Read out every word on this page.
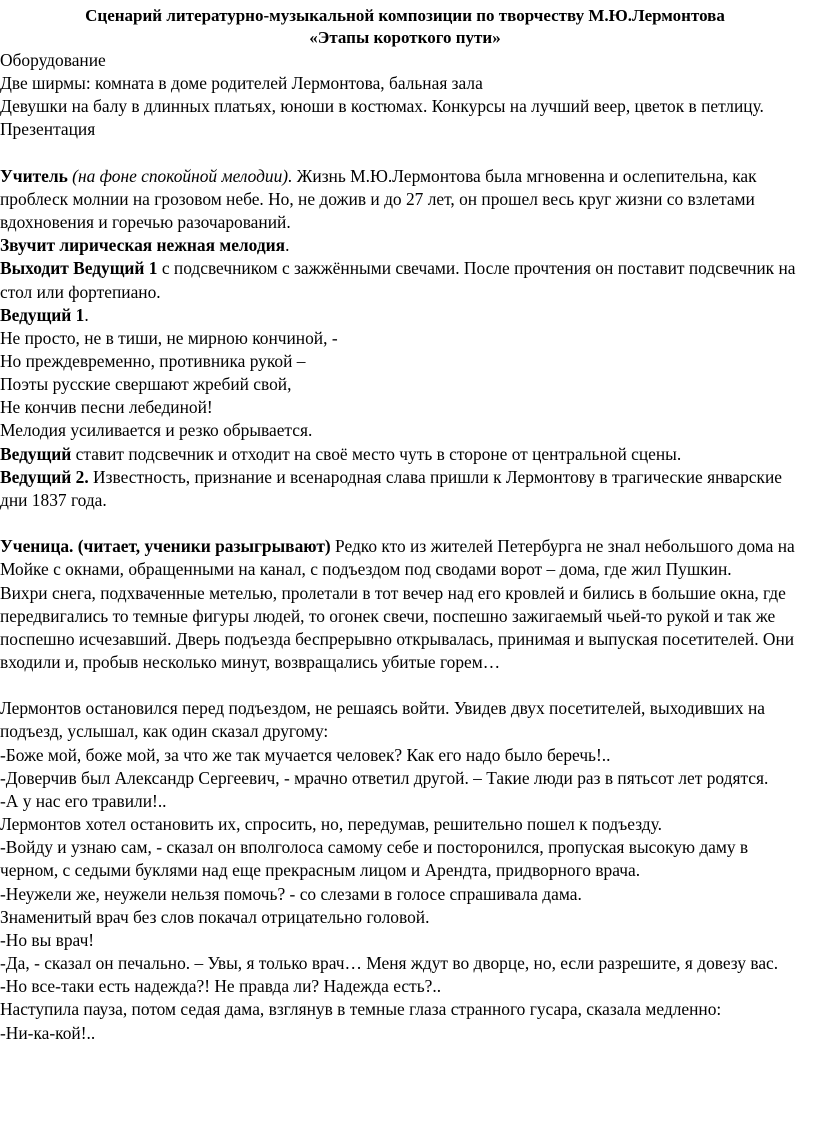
Сценарий литературно-музыкальной композиции по творчеству М.Ю.Лермонтова
«Этапы короткого пути»

Оборудование

Две ширмы: комната в доме родителей Лермонтова, бальная зала

Девушки на балу в длинных платьях, юноши в костюмах. Конкурсы на лучший веер, цветок в петлицу.

Презентация

Учитель (на фоне спокойной мелодии). Жизнь М.Ю.Лермонтова была мгновенна и ослепительна, как проблеск молнии на грозовом небе. Но, не дожив и до 27 лет, он прошел весь круг жизни со взлетами вдохновения и горечью разочарований.

Звучит лирическая нежная мелодия.

Выходит Ведущий 1 с подсвечником с зажжёнными свечами. После прочтения он поставит подсвечник на стол или фортепиано.

Ведущий 1.

Не просто, не в тиши, не мирною кончиной, -

Но преждевременно, противника рукой –

Поэты русские свершают жребий свой,

Не кончив песни лебединой!

Мелодия усиливается и резко обрывается.

Ведущий ставит подсвечник и отходит на своё место чуть в стороне от центральной сцены.

Ведущий 2. Известность, признание и всенародная слава пришли к Лермонтову в трагические январские дни 1837 года.

Ученица. (читает, ученики разыгрывают) Редко кто из жителей Петербурга не знал небольшого дома на Мойке с окнами, обращенными на канал, с подъездом под сводами ворот – дома, где жил Пушкин.

Вихри снега, подхваченные метелью, пролетали в тот вечер над его кровлей и бились в большие окна, где передвигались то темные фигуры людей, то огонек свечи, поспешно зажигаемый чьей-то рукой и так же поспешно исчезавший. Дверь подъезда беспрерывно открывалась, принимая и выпуская посетителей. Они входили и, пробыв несколько минут, возвращались убитые горем…

Лермонтов остановился перед подъездом, не решаясь войти. Увидев двух посетителей, выходивших на подъезд, услышал, как один сказал другому:

-Боже мой, боже мой, за что же так мучается человек? Как его надо было беречь!..

-Доверчив был Александр Сергеевич, - мрачно ответил другой. – Такие люди раз в пятьсот лет родятся.

-А у нас его травили!..

Лермонтов хотел остановить их, спросить, но, передумав, решительно пошел к подъезду.

-Войду и узнаю сам, - сказал он вполголоса самому себе и посторонился, пропуская высокую даму в черном, с седыми буклями над еще прекрасным лицом и Арендта, придворного врача.

-Неужели же, неужели нельзя помочь? - со слезами в голосе спрашивала дама.

Знаменитый врач без слов покачал отрицательно головой.

-Но вы врач!

-Да, - сказал он печально. – Увы, я только врач… Меня ждут во дворце, но, если разрешите, я довезу вас.

-Но все-таки есть надежда?! Не правда ли? Надежда есть?..

Наступила пауза, потом седая дама, взглянув в темные глаза странного гусара, сказала медленно:

-Ни-ка-кой!..
